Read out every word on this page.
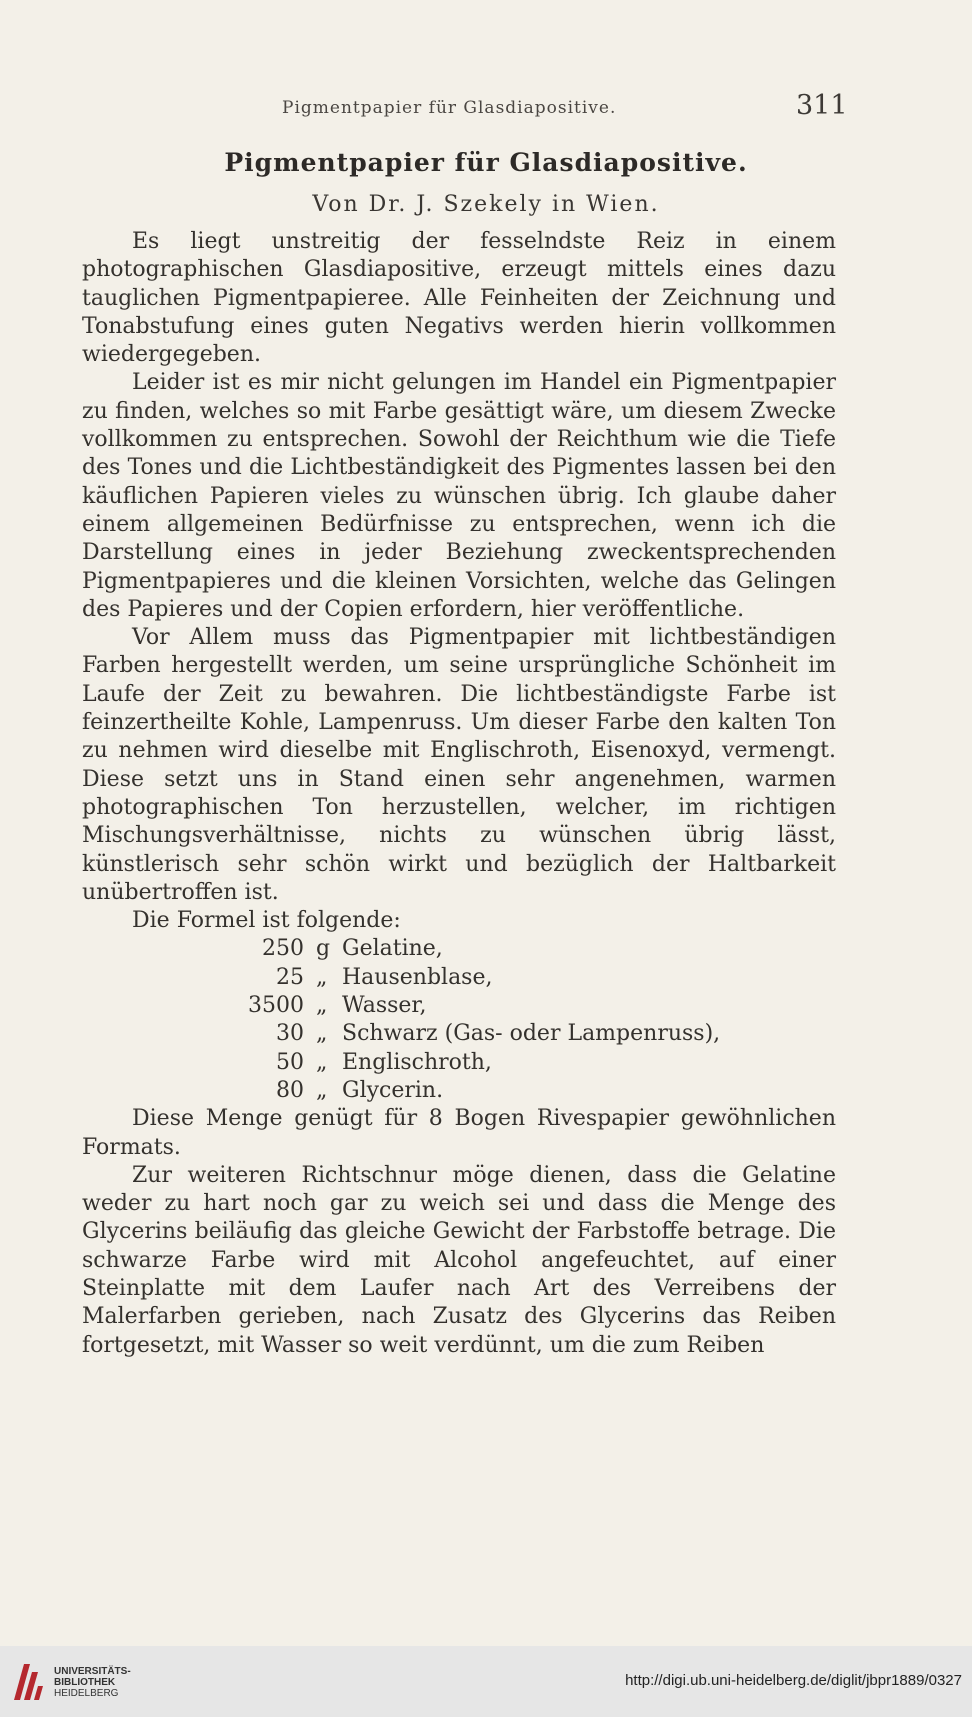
Pigmentpapier für Glasdiapositive.	311
Pigmentpapier für Glasdiapositive.
Von Dr. J. Szekely in Wien.

Es liegt unstreitig der fesselndste Reiz in einem photographischen Glasdiapositive, erzeugt mittels eines dazu tauglichen Pigmentpapieree. Alle Feinheiten der Zeichnung und Tonabstufung eines guten Negativs werden hierin vollkommen wiedergegeben.

Leider ist es mir nicht gelungen im Handel ein Pigmentpapier zu finden, welches so mit Farbe gesättigt wäre, um diesem Zwecke vollkommen zu entsprechen. Sowohl der Reichthum wie die Tiefe des Tones und die Lichtbeständigkeit des Pigmentes lassen bei den käuflichen Papieren vieles zu wünschen übrig. Ich glaube daher einem allgemeinen Bedürfnisse zu entsprechen, wenn ich die Darstellung eines in jeder Beziehung zweckentsprechenden Pigmentpapieres und die kleinen Vorsichten, welche das Gelingen des Papieres und der Copien erfordern, hier veröffentliche.

Vor Allem muss das Pigmentpapier mit lichtbeständigen Farben hergestellt werden, um seine ursprüngliche Schönheit im Laufe der Zeit zu bewahren. Die lichtbeständigste Farbe ist feinzertheilte Kohle, Lampenruss. Um dieser Farbe den kalten Ton zu nehmen wird dieselbe mit Englischroth, Eisenoxyd, vermengt. Diese setzt uns in Stand einen sehr angenehmen, warmen photographischen Ton herzustellen, welcher, im richtigen Mischungsverhältnisse, nichts zu wünschen übrig lässt, künstlerisch sehr schön wirkt und bezüglich der Haltbarkeit unübertroffen ist.

Die Formel ist folgende:

250 g Gelatine,
25 „ Hausenblase,
3500 „ Wasser,
30 „ Schwarz (Gas- oder Lampenruss),
50 „ Englischroth,
80 „ Glycerin.

Diese Menge genügt für 8 Bogen Rivespapier gewöhnlichen Formats.

Zur weiteren Richtschnur möge dienen, dass die Gelatine weder zu hart noch gar zu weich sei und dass die Menge des Glycerins beiläufig das gleiche Gewicht der Farbstoffe betrage. Die schwarze Farbe wird mit Alcohol angefeuchtet, auf einer Steinplatte mit dem Laufer nach Art des Verreibens der Malerfarben gerieben, nach Zusatz des Glycerins das Reiben fortgesetzt, mit Wasser so weit verdünnt, um die zum Reiben

UNIVERSITÄTS-
BIBLIOTHEK
HEIDELBERG
http://digi.ub.uni-heidelberg.de/diglit/jbpr1889/0327
